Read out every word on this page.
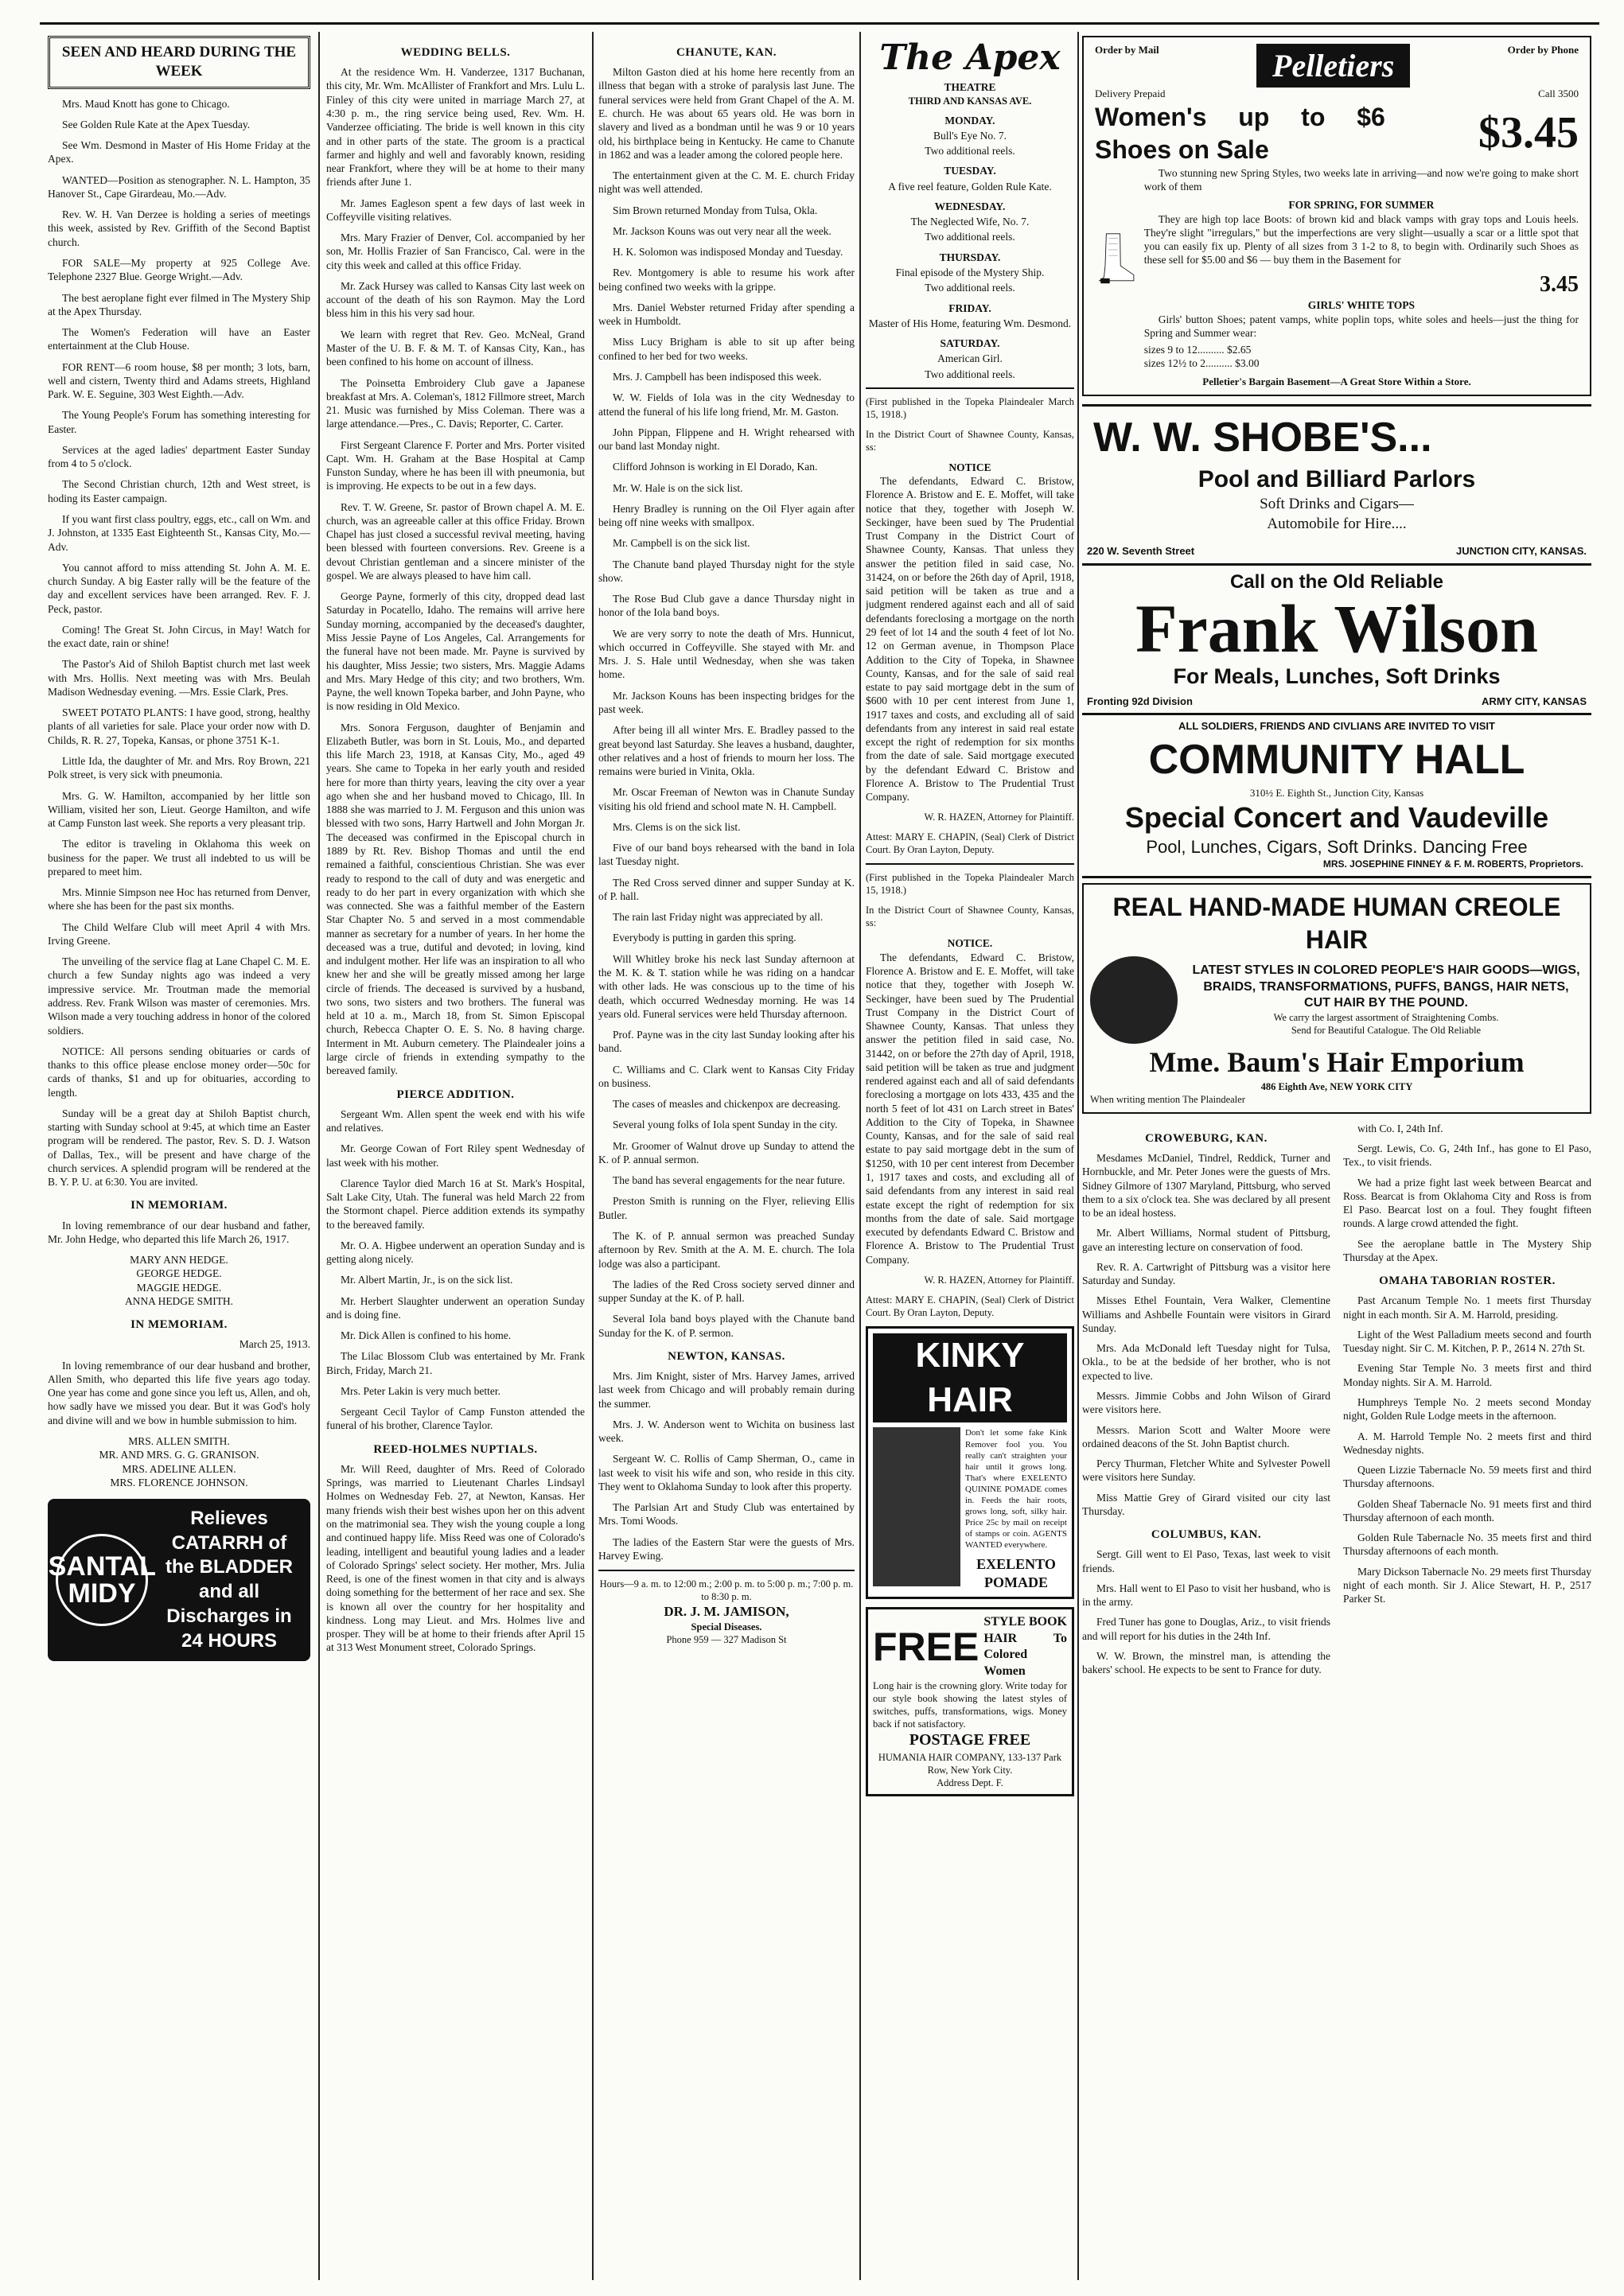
SEEN AND HEARD DURING THE WEEK

Mrs. Maud Knott has gone to Chicago.

See Golden Rule Kate at the Apex Tuesday.

See Wm. Desmond in Master of His Home Friday at the Apex.

WANTED—Position as stenographer. N. L. Hampton, 35 Hanover St., Cape Girardeau, Mo.—Adv.

Rev. W. H. Van Derzee is holding a series of meetings this week, assisted by Rev. Griffith of the Second Baptist church.

FOR SALE—My property at 925 College Ave. Telephone 2327 Blue. George Wright.—Adv.

The best aeroplane fight ever filmed in The Mystery Ship at the Apex Thursday.

The Women's Federation will have an Easter entertainment at the Club House.

FOR RENT—6 room house, $8 per month; 3 lots, barn, well and cistern, Twenty third and Adams streets, Highland Park. W. E. Seguine, 303 West Eighth.—Adv.

The Young People's Forum has something interesting for Easter.

Services at the aged ladies' department Easter Sunday from 4 to 5 o'clock.

The Second Christian church, 12th and West street, is hoding its Easter campaign.

If you want first class poultry, eggs, etc., call on Wm. and J. Johnston, at 1335 East Eighteenth St., Kansas City, Mo.—Adv.

You cannot afford to miss attending St. John A. M. E. church Sunday. A big Easter rally will be the feature of the day and excellent services have been arranged. Rev. F. J. Peck, pastor.

Coming! The Great St. John Circus, in May! Watch for the exact date, rain or shine!

The Pastor's Aid of Shiloh Baptist church met last week with Mrs. Hollis. Next meeting was with Mrs. Beulah Madison Wednesday evening. —Mrs. Essie Clark, Pres.

SWEET POTATO PLANTS: I have good, strong, healthy plants of all varieties for sale. Place your order now with D. Childs, R. R. 27, Topeka, Kansas, or phone 3751 K-1.

Little Ida, the daughter of Mr. and Mrs. Roy Brown, 221 Polk street, is very sick with pneumonia.

Mrs. G. W. Hamilton, accompanied by her little son William, visited her son, Lieut. George Hamilton, and wife at Camp Funston last week. She reports a very pleasant trip.

The editor is traveling in Oklahoma this week on business for the paper. We trust all indebted to us will be prepared to meet him.

Mrs. Minnie Simpson nee Hoc has returned from Denver, where she has been for the past six months.

The Child Welfare Club will meet April 4 with Mrs. Irving Greene.

The unveiling of the service flag at Lane Chapel C. M. E. church a few Sunday nights ago was indeed a very impressive service. Mr. Troutman made the memorial address. Rev. Frank Wilson was master of ceremonies. Mrs. Wilson made a very touching address in honor of the colored soldiers.

NOTICE: All persons sending obituaries or cards of thanks to this office please enclose money order—50c for cards of thanks, $1 and up for obituaries, according to length.

Sunday will be a great day at Shiloh Baptist church, starting with Sunday school at 9:45, at which time an Easter program will be rendered. The pastor, Rev. S. D. J. Watson of Dallas, Tex., will be present and have charge of the church services. A splendid program will be rendered at the B. Y. P. U. at 6:30. You are invited.

IN MEMORIAM.

In loving remembrance of our dear husband and father, Mr. John Hedge, who departed this life March 26, 1917.

MARY ANN HEDGE.

GEORGE HEDGE.

MAGGIE HEDGE.

ANNA HEDGE SMITH.

IN MEMORIAM.

March 25, 1913.

In loving remembrance of our dear husband and brother, Allen Smith, who departed this life five years ago today. One year has come and gone since you left us, Allen, and oh, how sadly have we missed you dear. But it was God's holy and divine will and we bow in humble submission to him.

MRS. ALLEN SMITH.

MR. AND MRS. G. G. GRANISON.

MRS. ADELINE ALLEN.

MRS. FLORENCE JOHNSON.

SANTAL MIDY
Relieves CATARRH of the BLADDER and all Discharges in 24 HOURS
WEDDING BELLS.

At the residence Wm. H. Vanderzee, 1317 Buchanan, this city, Mr. Wm. McAllister of Frankfort and Mrs. Lulu L. Finley of this city were united in marriage March 27, at 4:30 p. m., the ring service being used, Rev. Wm. H. Vanderzee officiating. The bride is well known in this city and in other parts of the state. The groom is a practical farmer and highly and well and favorably known, residing near Frankfort, where they will be at home to their many friends after June 1.

Mr. James Eagleson spent a few days of last week in Coffeyville visiting relatives.

Mrs. Mary Frazier of Denver, Col. accompanied by her son, Mr. Hollis Frazier of San Francisco, Cal. were in the city this week and called at this office Friday.

Mr. Zack Hursey was called to Kansas City last week on account of the death of his son Raymon. May the Lord bless him in this his very sad hour.

We learn with regret that Rev. Geo. McNeal, Grand Master of the U. B. F. & M. T. of Kansas City, Kan., has been confined to his home on account of illness.

The Poinsetta Embroidery Club gave a Japanese breakfast at Mrs. A. Coleman's, 1812 Fillmore street, March 21. Music was furnished by Miss Coleman. There was a large attendance.—Pres., C. Davis; Reporter, C. Carter.

First Sergeant Clarence F. Porter and Mrs. Porter visited Capt. Wm. H. Graham at the Base Hospital at Camp Funston Sunday, where he has been ill with pneumonia, but is improving. He expects to be out in a few days.

Rev. T. W. Greene, Sr. pastor of Brown chapel A. M. E. church, was an agreeable caller at this office Friday. Brown Chapel has just closed a successful revival meeting, having been blessed with fourteen conversions. Rev. Greene is a devout Christian gentleman and a sincere minister of the gospel. We are always pleased to have him call.

George Payne, formerly of this city, dropped dead last Saturday in Pocatello, Idaho. The remains will arrive here Sunday morning, accompanied by the deceased's daughter, Miss Jessie Payne of Los Angeles, Cal. Arrangements for the funeral have not been made. Mr. Payne is survived by his daughter, Miss Jessie; two sisters, Mrs. Maggie Adams and Mrs. Mary Hedge of this city; and two brothers, Wm. Payne, the well known Topeka barber, and John Payne, who is now residing in Old Mexico.

Mrs. Sonora Ferguson, daughter of Benjamin and Elizabeth Butler, was born in St. Louis, Mo., and departed this life March 23, 1918, at Kansas City, Mo., aged 49 years. She came to Topeka in her early youth and resided here for more than thirty years, leaving the city over a year ago when she and her husband moved to Chicago, Ill. In 1888 she was married to J. M. Ferguson and this union was blessed with two sons, Harry Hartwell and John Morgan Jr. The deceased was confirmed in the Episcopal church in 1889 by Rt. Rev. Bishop Thomas and until the end remained a faithful, conscientious Christian. She was ever ready to respond to the call of duty and was energetic and ready to do her part in every organization with which she was connected. She was a faithful member of the Eastern Star Chapter No. 5 and served in a most commendable manner as secretary for a number of years. In her home the deceased was a true, dutiful and devoted; in loving, kind and indulgent mother. Her life was an inspiration to all who knew her and she will be greatly missed among her large circle of friends. The deceased is survived by a husband, two sons, two sisters and two brothers. The funeral was held at 10 a. m., March 18, from St. Simon Episcopal church, Rebecca Chapter O. E. S. No. 8 having charge. Interment in Mt. Auburn cemetery. The Plaindealer joins a large circle of friends in extending sympathy to the bereaved family.

PIERCE ADDITION.

Sergeant Wm. Allen spent the week end with his wife and relatives.

Mr. George Cowan of Fort Riley spent Wednesday of last week with his mother.

Clarence Taylor died March 16 at St. Mark's Hospital, Salt Lake City, Utah. The funeral was held March 22 from the Stormont chapel. Pierce addition extends its sympathy to the bereaved family.

Mr. O. A. Higbee underwent an operation Sunday and is getting along nicely.

Mr. Albert Martin, Jr., is on the sick list.

Mr. Herbert Slaughter underwent an operation Sunday and is doing fine.

Mr. Dick Allen is confined to his home.

The Lilac Blossom Club was entertained by Mr. Frank Birch, Friday, March 21.

Mrs. Peter Lakin is very much better.

Sergeant Cecil Taylor of Camp Funston attended the funeral of his brother, Clarence Taylor.

REED-HOLMES NUPTIALS.

Mr. Will Reed, daughter of Mrs. Reed of Colorado Springs, was married to Lieutenant Charles Lindsayl Holmes on Wednesday Feb. 27, at Newton, Kansas. Her many friends wish their best wishes upon her on this advent on the matrimonial sea. They wish the young couple a long and continued happy life. Miss Reed was one of Colorado's leading, intelligent and beautiful young ladies and a leader of Colorado Springs' select society. Her mother, Mrs. Julia Reed, is one of the finest women in that city and is always doing something for the betterment of her race and sex. She is known all over the country for her hospitality and kindness. Long may Lieut. and Mrs. Holmes live and prosper. They will be at home to their friends after April 15 at 313 West Monument street, Colorado Springs.

CHANUTE, KAN.

Milton Gaston died at his home here recently from an illness that began with a stroke of paralysis last June. The funeral services were held from Grant Chapel of the A. M. E. church. He was about 65 years old. He was born in slavery and lived as a bondman until he was 9 or 10 years old, his birthplace being in Kentucky. He came to Chanute in 1862 and was a leader among the colored people here.

The entertainment given at the C. M. E. church Friday night was well attended.

Sim Brown returned Monday from Tulsa, Okla.

Mr. Jackson Kouns was out very near all the week.

H. K. Solomon was indisposed Monday and Tuesday.

Rev. Montgomery is able to resume his work after being confined two weeks with la grippe.

Mrs. Daniel Webster returned Friday after spending a week in Humboldt.

Miss Lucy Brigham is able to sit up after being confined to her bed for two weeks.

Mrs. J. Campbell has been indisposed this week.

W. W. Fields of Iola was in the city Wednesday to attend the funeral of his life long friend, Mr. M. Gaston.

John Pippan, Flippene and H. Wright rehearsed with our band last Monday night.

Clifford Johnson is working in El Dorado, Kan.

Mr. W. Hale is on the sick list.

Henry Bradley is running on the Oil Flyer again after being off nine weeks with smallpox.

Mr. Campbell is on the sick list.

The Chanute band played Thursday night for the style show.

The Rose Bud Club gave a dance Thursday night in honor of the Iola band boys.

We are very sorry to note the death of Mrs. Hunnicut, which occurred in Coffeyville. She stayed with Mr. and Mrs. J. S. Hale until Wednesday, when she was taken home.

Mr. Jackson Kouns has been inspecting bridges for the past week.

After being ill all winter Mrs. E. Bradley passed to the great beyond last Saturday. She leaves a husband, daughter, other relatives and a host of friends to mourn her loss. The remains were buried in Vinita, Okla.

Mr. Oscar Freeman of Newton was in Chanute Sunday visiting his old friend and school mate N. H. Campbell.

Mrs. Clems is on the sick list.

Five of our band boys rehearsed with the band in Iola last Tuesday night.

The Red Cross served dinner and supper Sunday at K. of P. hall.

The rain last Friday night was appreciated by all.

Everybody is putting in garden this spring.

Will Whitley broke his neck last Sunday afternoon at the M. K. & T. station while he was riding on a handcar with other lads. He was conscious up to the time of his death, which occurred Wednesday morning. He was 14 years old. Funeral services were held Thursday afternoon.

Prof. Payne was in the city last Sunday looking after his band.

C. Williams and C. Clark went to Kansas City Friday on business.

The cases of measles and chickenpox are decreasing.

Several young folks of Iola spent Sunday in the city.

Mr. Groomer of Walnut drove up Sunday to attend the K. of P. annual sermon.

The band has several engagements for the near future.

Preston Smith is running on the Flyer, relieving Ellis Butler.

The K. of P. annual sermon was preached Sunday afternoon by Rev. Smith at the A. M. E. church. The Iola lodge was also a participant.

The ladies of the Red Cross society served dinner and supper Sunday at the K. of P. hall.

Several Iola band boys played with the Chanute band Sunday for the K. of P. sermon.

NEWTON, KANSAS.

Mrs. Jim Knight, sister of Mrs. Harvey James, arrived last week from Chicago and will probably remain during the summer.

Mrs. J. W. Anderson went to Wichita on business last week.

Sergeant W. C. Rollis of Camp Sherman, O., came in last week to visit his wife and son, who reside in this city. They went to Oklahoma Sunday to look after this property.

The Parlsian Art and Study Club was entertained by Mrs. Tomi Woods.

The ladies of the Eastern Star were the guests of Mrs. Harvey Ewing.

Hours—9 a. m. to 12:00 m.; 2:00 p. m. to 5:00 p. m.; 7:00 p. m. to 8:30 p. m.
DR. J. M. JAMISON,
Special Diseases.
Phone 959 — 327 Madison St
The Apex
THEATRE
THIRD AND KANSAS AVE.

MONDAY.

Bull's Eye No. 7.

Two additional reels.

TUESDAY.

A five reel feature, Golden Rule Kate.

WEDNESDAY.

The Neglected Wife, No. 7.

Two additional reels.

THURSDAY.

Final episode of the Mystery Ship.

Two additional reels.

FRIDAY.

Master of His Home, featuring Wm. Desmond.

SATURDAY.

American Girl.

Two additional reels.

(First published in the Topeka Plaindealer March 15, 1918.)

In the District Court of Shawnee County, Kansas, ss:

NOTICE

The defendants, Edward C. Bristow, Florence A. Bristow and E. E. Moffet, will take notice that they, together with Joseph W. Seckinger, have been sued by The Prudential Trust Company in the District Court of Shawnee County, Kansas. That unless they answer the petition filed in said case, No. 31424, on or before the 26th day of April, 1918, said petition will be taken as true and a judgment rendered against each and all of said defendants foreclosing a mortgage on the north 29 feet of lot 14 and the south 4 feet of lot No. 12 on German avenue, in Thompson Place Addition to the City of Topeka, in Shawnee County, Kansas, and for the sale of said real estate to pay said mortgage debt in the sum of $600 with 10 per cent interest from June 1, 1917 taxes and costs, and excluding all of said defendants from any interest in said real estate except the right of redemption for six months from the date of sale. Said mortgage executed by the defendant Edward C. Bristow and Florence A. Bristow to The Prudential Trust Company.

W. R. HAZEN, Attorney for Plaintiff.

Attest: MARY E. CHAPIN, (Seal) Clerk of District Court. By Oran Layton, Deputy.

(First published in the Topeka Plaindealer March 15, 1918.)

In the District Court of Shawnee County, Kansas, ss:

NOTICE.

The defendants, Edward C. Bristow, Florence A. Bristow and E. E. Moffet, will take notice that they, together with Joseph W. Seckinger, have been sued by The Prudential Trust Company in the District Court of Shawnee County, Kansas. That unless they answer the petition filed in said case, No. 31442, on or before the 27th day of April, 1918, said petition will be taken as true and judgment rendered against each and all of said defendants foreclosing a mortgage on lots 433, 435 and the north 5 feet of lot 431 on Larch street in Bates' Addition to the City of Topeka, in Shawnee County, Kansas, and for the sale of said real estate to pay said mortgage debt in the sum of $1250, with 10 per cent interest from December 1, 1917 taxes and costs, and excluding all of said defendants from any interest in said real estate except the right of redemption for six months from the date of sale. Said mortgage executed by defendants Edward C. Bristow and Florence A. Bristow to The Prudential Trust Company.

W. R. HAZEN, Attorney for Plaintiff.

Attest: MARY E. CHAPIN, (Seal) Clerk of District Court. By Oran Layton, Deputy.

KINKY HAIR
Don't let some fake Kink Remover fool you. You really can't straighten your hair until it grows long. That's where EXELENTO QUININE POMADE comes in. Feeds the hair roots, grows long, soft, silky hair. Price 25c by mail on receipt of stamps or coin. AGENTS WANTED everywhere.
EXELENTO POMADE
FREE
STYLE BOOK HAIR To Colored Women
Long hair is the crowning glory. Write today for our style book showing the latest styles of switches, puffs, transformations, wigs. Money back if not satisfactory.
POSTAGE FREE
HUMANIA HAIR COMPANY, 133-137 Park Row, New York City.
Address Dept. F.
Order by Mail	Pelletiers	Order by Phone
Delivery Prepaid	Call 3500
Women's up to $6 Shoes on Sale	$3.45

Two stunning new Spring Styles, two weeks late in arriving—and now we're going to make short work of them

FOR SPRING, FOR SUMMER

They are high top lace Boots: of brown kid and black vamps with gray tops and Louis heels. They're slight "irregulars," but the imperfections are very slight—usually a scar or a little spot that you can easily fix up. Plenty of all sizes from 3 1-2 to 8, to begin with. Ordinarily such Shoes as these sell for $5.00 and $6 — buy them in the Basement for

3.45
GIRLS' WHITE TOPS

Girls' button Shoes; patent vamps, white poplin tops, white soles and heels—just the thing for Spring and Summer wear:

sizes 9 to 12.......... $2.65
sizes 12½ to 2.......... $3.00
Pelletier's Bargain Basement—A Great Store Within a Store.
W. W. SHOBE'S...
Pool and Billiard Parlors
Soft Drinks and Cigars—
Automobile for Hire....
220 W. Seventh Street	JUNCTION CITY, KANSAS.
Call on the Old Reliable
Frank Wilson
For Meals, Lunches, Soft Drinks
Fronting 92d Division	ARMY CITY, KANSAS
ALL SOLDIERS, FRIENDS AND CIVLIANS ARE INVITED TO VISIT
COMMUNITY HALL
310½ E. Eighth St., Junction City, Kansas
Special Concert and Vaudeville
Pool, Lunches, Cigars, Soft Drinks. Dancing Free
MRS. JOSEPHINE FINNEY & F. M. ROBERTS, Proprietors.
REAL HAND-MADE HUMAN CREOLE HAIR
LATEST STYLES IN COLORED PEOPLE'S HAIR GOODS—WIGS, BRAIDS, TRANSFORMATIONS, PUFFS, BANGS, HAIR NETS, CUT HAIR BY THE POUND.
We carry the largest assortment of Straightening Combs.
Send for Beautiful Catalogue. The Old Reliable
Mme. Baum's Hair Emporium
486 Eighth Ave, NEW YORK CITY
When writing mention The Plaindealer
CROWEBURG, KAN.

Mesdames McDaniel, Tindrel, Reddick, Turner and Hornbuckle, and Mr. Peter Jones were the guests of Mrs. Sidney Gilmore of 1307 Maryland, Pittsburg, who served them to a six o'clock tea. She was declared by all present to be an ideal hostess.

Mr. Albert Williams, Normal student of Pittsburg, gave an interesting lecture on conservation of food.

Rev. R. A. Cartwright of Pittsburg was a visitor here Saturday and Sunday.

Misses Ethel Fountain, Vera Walker, Clementine Williams and Ashbelle Fountain were visitors in Girard Sunday.

Mrs. Ada McDonald left Tuesday night for Tulsa, Okla., to be at the bedside of her brother, who is not expected to live.

Messrs. Jimmie Cobbs and John Wilson of Girard were visitors here.

Messrs. Marion Scott and Walter Moore were ordained deacons of the St. John Baptist church.

Percy Thurman, Fletcher White and Sylvester Powell were visitors here Sunday.

Miss Mattie Grey of Girard visited our city last Thursday.

COLUMBUS, KAN.

Sergt. Gill went to El Paso, Texas, last week to visit friends.

Mrs. Hall went to El Paso to visit her husband, who is in the army.

Fred Tuner has gone to Douglas, Ariz., to visit friends and will report for his duties in the 24th Inf.

W. W. Brown, the minstrel man, is attending the bakers' school. He expects to be sent to France for duty.

with Co. I, 24th Inf.

Sergt. Lewis, Co. G, 24th Inf., has gone to El Paso, Tex., to visit friends.

We had a prize fight last week between Bearcat and Ross. Bearcat is from Oklahoma City and Ross is from El Paso. Bearcat lost on a foul. They fought fifteen rounds. A large crowd attended the fight.

See the aeroplane battle in The Mystery Ship Thursday at the Apex.

OMAHA TABORIAN ROSTER.

Past Arcanum Temple No. 1 meets first Thursday night in each month. Sir A. M. Harrold, presiding.

Light of the West Palladium meets second and fourth Tuesday night. Sir C. M. Kitchen, P. P., 2614 N. 27th St.

Evening Star Temple No. 3 meets first and third Monday nights. Sir A. M. Harrold.

Humphreys Temple No. 2 meets second Monday night, Golden Rule Lodge meets in the afternoon.

A. M. Harrold Temple No. 2 meets first and third Wednesday nights.

Queen Lizzie Tabernacle No. 59 meets first and third Thursday afternoons.

Golden Sheaf Tabernacle No. 91 meets first and third Thursday afternoon of each month.

Golden Rule Tabernacle No. 35 meets first and third Thursday afternoons of each month.

Mary Dickson Tabernacle No. 29 meets first Thursday night of each month. Sir J. Alice Stewart, H. P., 2517 Parker St.
